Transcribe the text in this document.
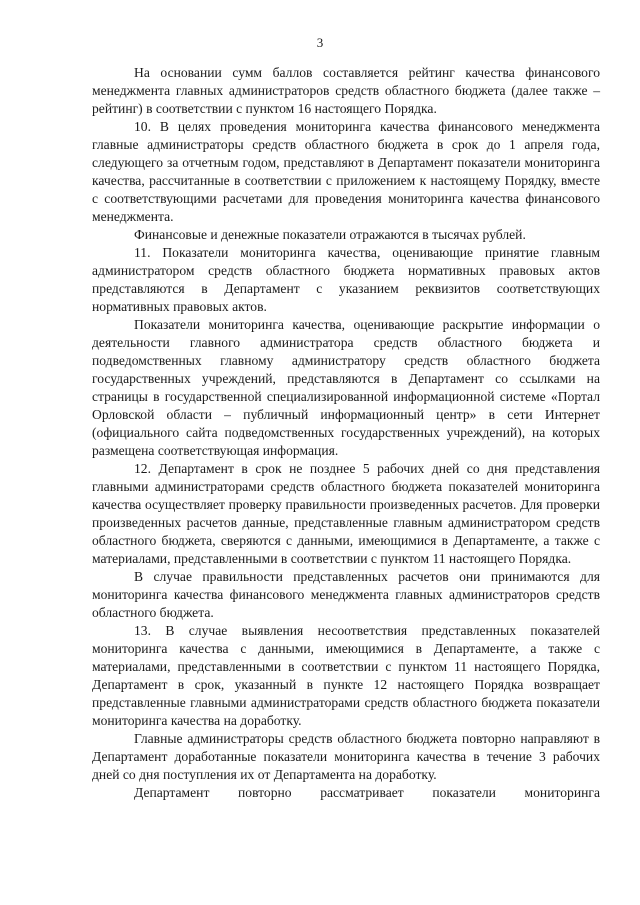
3

На основании сумм баллов составляется рейтинг качества финансового менеджмента главных администраторов средств областного бюджета (далее также – рейтинг) в соответствии с пунктом 16 настоящего Порядка.

10. В целях проведения мониторинга качества финансового менеджмента главные администраторы средств областного бюджета в срок до 1 апреля года, следующего за отчетным годом, представляют в Департамент показатели мониторинга качества, рассчитанные в соответствии с приложением к настоящему Порядку, вместе с соответствующими расчетами для проведения мониторинга качества финансового менеджмента.

Финансовые и денежные показатели отражаются в тысячах рублей.

11. Показатели мониторинга качества, оценивающие принятие главным администратором средств областного бюджета нормативных правовых актов представляются в Департамент с указанием реквизитов соответствующих нормативных правовых актов.

Показатели мониторинга качества, оценивающие раскрытие информации о деятельности главного администратора средств областного бюджета и подведомственных главному администратору средств областного бюджета государственных учреждений, представляются в Департамент со ссылками на страницы в государственной специализированной информационной системе «Портал Орловской области – публичный информационный центр» в сети Интернет (официального сайта подведомственных государственных учреждений), на которых размещена соответствующая информация.

12. Департамент в срок не позднее 5 рабочих дней со дня представления главными администраторами средств областного бюджета показателей мониторинга качества осуществляет проверку правильности произведенных расчетов. Для проверки произведенных расчетов данные, представленные главным администратором средств областного бюджета, сверяются с данными, имеющимися в Департаменте, а также с материалами, представленными в соответствии с пунктом 11 настоящего Порядка.

В случае правильности представленных расчетов они принимаются для мониторинга качества финансового менеджмента главных администраторов средств областного бюджета.

13. В случае выявления несоответствия представленных показателей мониторинга качества с данными, имеющимися в Департаменте, а также с материалами, представленными в соответствии с пунктом 11 настоящего Порядка, Департамент в срок, указанный в пункте 12 настоящего Порядка возвращает представленные главными администраторами средств областного бюджета показатели мониторинга качества на доработку.

Главные администраторы средств областного бюджета повторно направляют в Департамент доработанные показатели мониторинга качества в течение 3 рабочих дней со дня поступления их от Департамента на доработку.

Департамент повторно рассматривает показатели мониторинга
